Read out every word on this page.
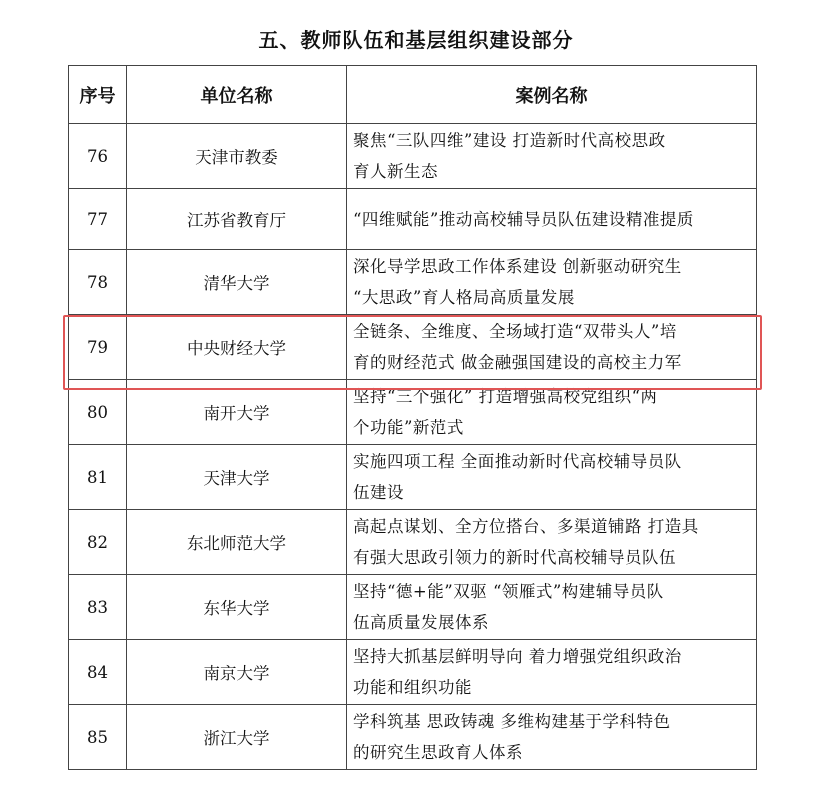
五、教师队伍和基层组织建设部分
序号	单位名称	案例名称
76	天津市教委	聚焦“三队四维”建设 打造新时代高校思政
育人新生态

77	江苏省教育厅	“四维赋能”推动高校辅导员队伍建设精准提质

78	清华大学	深化导学思政工作体系建设 创新驱动研究生
“大思政”育人格局高质量发展

79	中央财经大学	全链条、全维度、全场域打造“双带头人”培
育的财经范式 做金融强国建设的高校主力军

80	南开大学	坚持“三个强化” 打造增强高校党组织“两
个功能”新范式

81	天津大学	实施四项工程 全面推动新时代高校辅导员队
伍建设

82	东北师范大学	高起点谋划、全方位搭台、多渠道铺路 打造具
有强大思政引领力的新时代高校辅导员队伍

83	东华大学	坚持“德+能”双驱 “领雁式”构建辅导员队
伍高质量发展体系

84	南京大学	坚持大抓基层鲜明导向 着力增强党组织政治
功能和组织功能

85	浙江大学	学科筑基 思政铸魂 多维构建基于学科特色
的研究生思政育人体系
